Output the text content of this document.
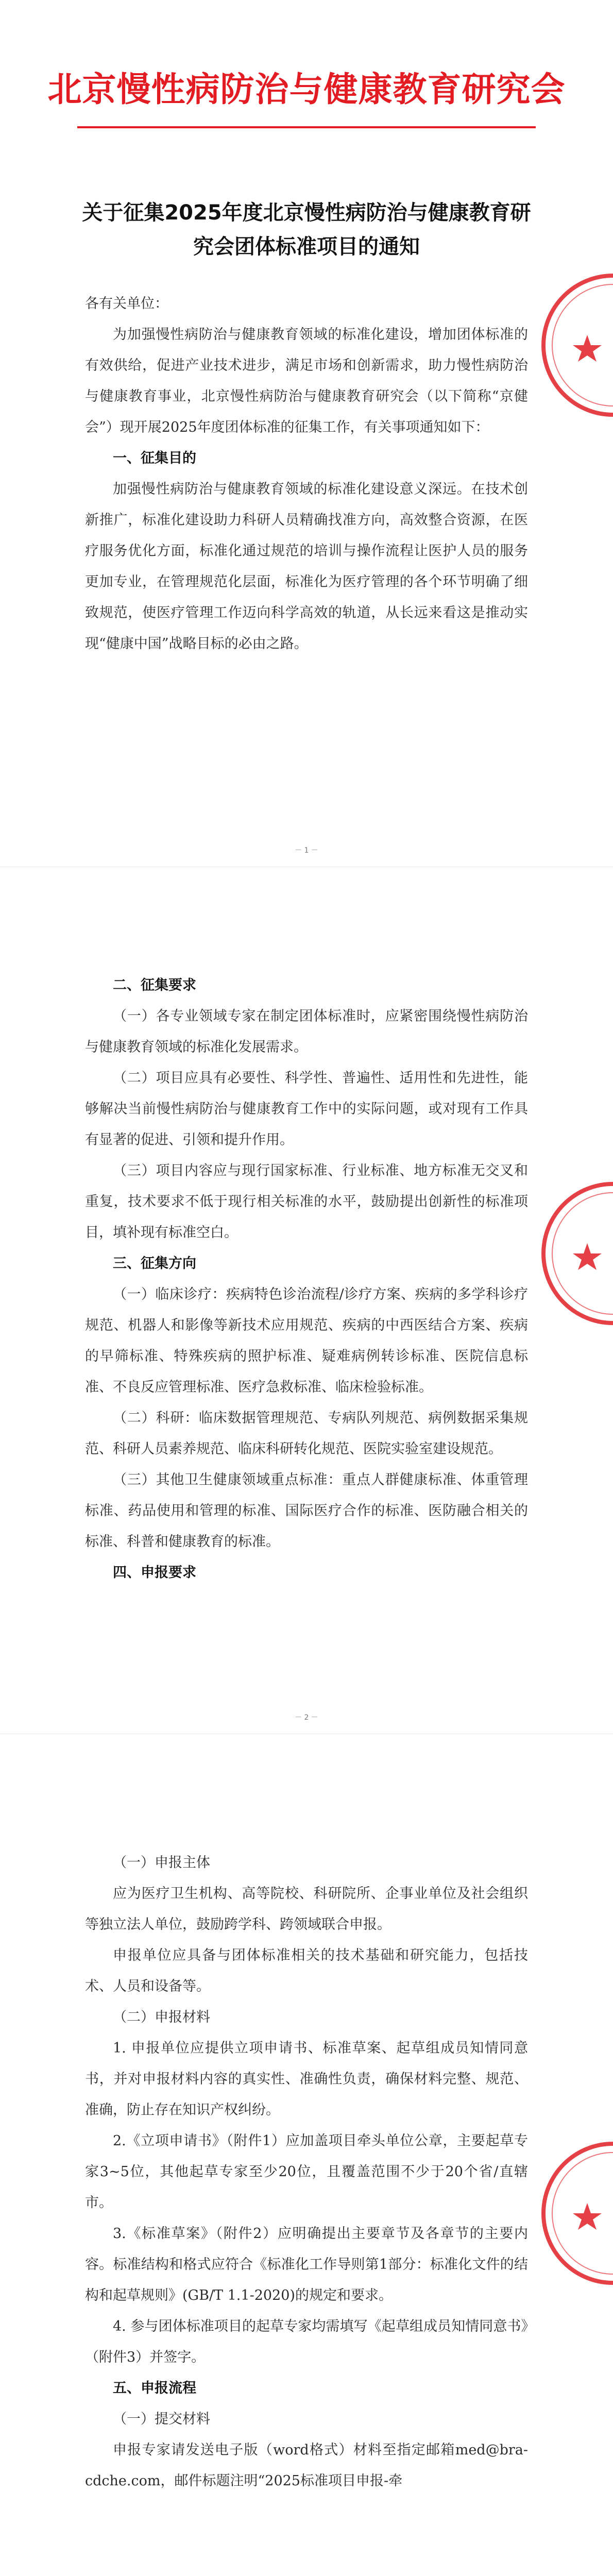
北京慢性病防治与健康教育研究会
关于征集2025年度北京慢性病防治与健康教育研究会团体标准项目的通知

各有关单位：

为加强慢性病防治与健康教育领域的标准化建设，增加团体标准的有效供给，促进产业技术进步，满足市场和创新需求，助力慢性病防治与健康教育事业，北京慢性病防治与健康教育研究会（以下简称“京健会”）现开展2025年度团体标准的征集工作，有关事项通知如下：

一、征集目的

加强慢性病防治与健康教育领域的标准化建设意义深远。在技术创新推广，标准化建设助力科研人员精确找准方向，高效整合资源，在医疗服务优化方面，标准化通过规范的培训与操作流程让医护人员的服务更加专业，在管理规范化层面，标准化为医疗管理的各个环节明确了细致规范，使医疗管理工作迈向科学高效的轨道，从长远来看这是推动实现“健康中国”战略目标的必由之路。

－ 1 －
二、征集要求

（一）各专业领域专家在制定团体标准时，应紧密围绕慢性病防治与健康教育领域的标准化发展需求。

（二）项目应具有必要性、科学性、普遍性、适用性和先进性，能够解决当前慢性病防治与健康教育工作中的实际问题，或对现有工作具有显著的促进、引领和提升作用。

（三）项目内容应与现行国家标准、行业标准、地方标准无交叉和重复，技术要求不低于现行相关标准的水平，鼓励提出创新性的标准项目，填补现有标准空白。

三、征集方向

（一）临床诊疗：疾病特色诊治流程/诊疗方案、疾病的多学科诊疗规范、机器人和影像等新技术应用规范、疾病的中西医结合方案、疾病的早筛标准、特殊疾病的照护标准、疑难病例转诊标准、医院信息标准、不良反应管理标准、医疗急救标准、临床检验标准。

（二）科研：临床数据管理规范、专病队列规范、病例数据采集规范、科研人员素养规范、临床科研转化规范、医院实验室建设规范。

（三）其他卫生健康领域重点标准：重点人群健康标准、体重管理标准、药品使用和管理的标准、国际医疗合作的标准、医防融合相关的标准、科普和健康教育的标准。

四、申报要求
－ 2 －
（一）申报主体

应为医疗卫生机构、高等院校、科研院所、企事业单位及社会组织等独立法人单位，鼓励跨学科、跨领域联合申报。

申报单位应具备与团体标准相关的技术基础和研究能力，包括技术、人员和设备等。

（二）申报材料

1. 申报单位应提供立项申请书、标准草案、起草组成员知情同意书，并对申报材料内容的真实性、准确性负责，确保材料完整、规范、准确，防止存在知识产权纠纷。

2.《立项申请书》（附件1）应加盖项目牵头单位公章，主要起草专家3~5位，其他起草专家至少20位，且覆盖范围不少于20个省/直辖市。

3.《标准草案》（附件2）应明确提出主要章节及各章节的主要内容。标准结构和格式应符合《标准化工作导则第1部分：标准化文件的结构和起草规则》(GB/T 1.1-2020)的规定和要求。

4. 参与团体标准项目的起草专家均需填写《起草组成员知情同意书》（附件3）并签字。

五、申报流程
（一）提交材料

申报专家请发送电子版（word格式）材料至指定邮箱med@bra-cdche.com，邮件标题注明“2025标准项目申报-牵
